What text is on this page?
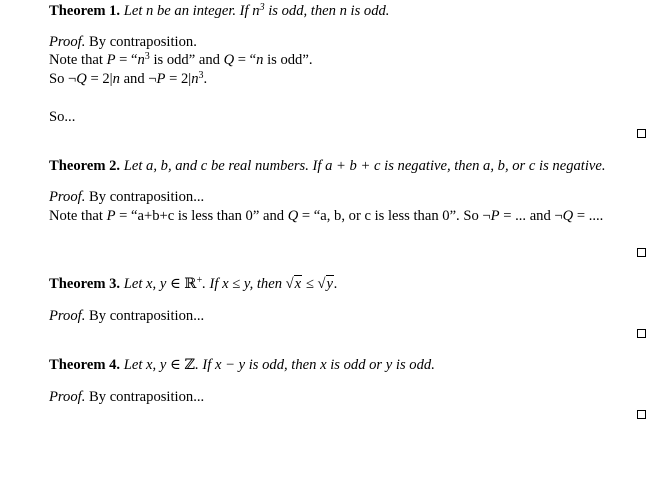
Theorem 1. Let n be an integer. If $n^3$ is odd, then n is odd.
Proof. By contraposition.
Note that $P = “n^3$ is odd” and Q = “n is odd”.
So ¬Q = 2|n and ¬P = $2|n^3$.
So...
Theorem 2. Let a, b, and c be real numbers. If a + b + c is negative, then a, b, or c is negative.
Proof. By contraposition...
Note that P = “a+b+c is less than 0” and Q = “a, b, or c is less than 0”. So ¬P = ... and ¬Q = ....
Theorem 3. Let x, y ∈ ℝ+. If x ≤ y, then √x ≤ √y.
Proof. By contraposition...
Theorem 4. Let x, y ∈ ℤ. If x − y is odd, then x is odd or y is odd.
Proof. By contraposition...
